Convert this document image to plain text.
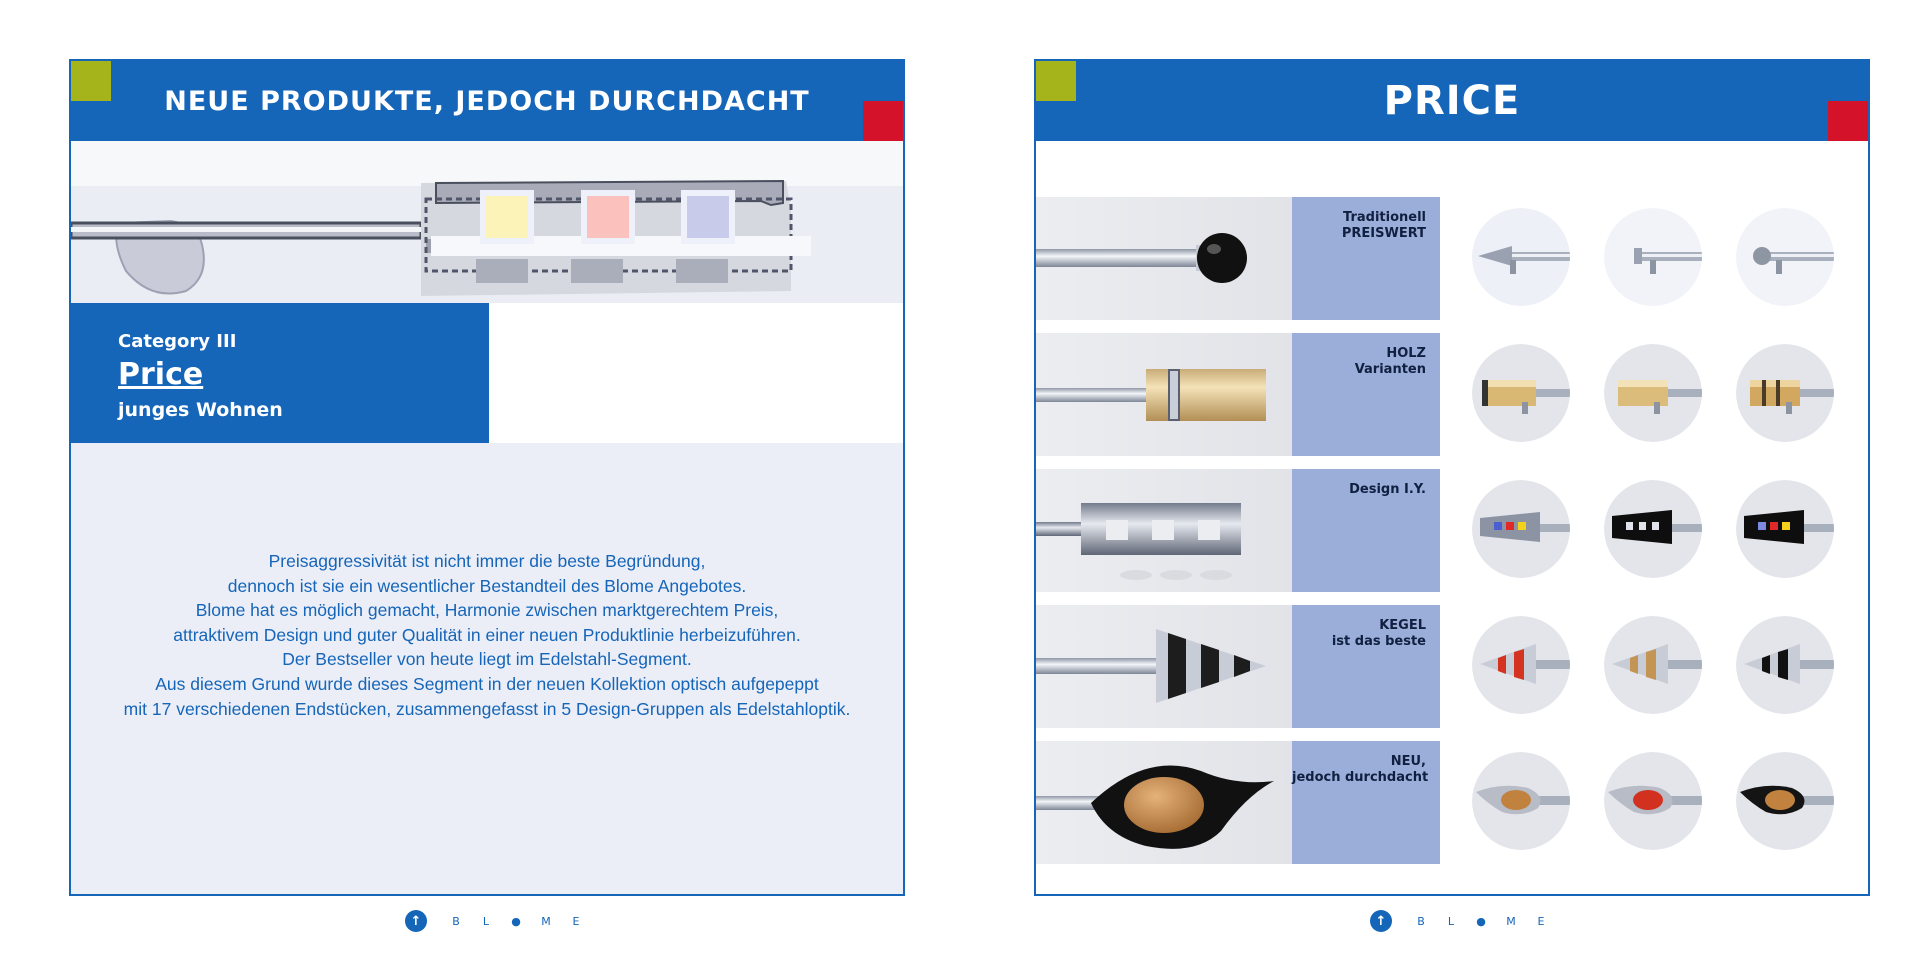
NEUE PRODUKTE, JEDOCH DURCHDACHT
Category III
Price
junges Wohnen
Preisaggressivität ist nicht immer die beste Begründung,
dennoch ist sie ein wesentlicher Bestandteil des Blome Angebotes.
Blome hat es möglich gemacht, Harmonie zwischen marktgerechtem Preis,
attraktivem Design und guter Qualität in einer neuen Produktlinie herbeizuführen.
Der Bestseller von heute liegt im Edelstahl-Segment.
Aus diesem Grund wurde dieses Segment in der neuen Kollektion optisch aufgepeppt
mit 17 verschiedenen Endstücken, zusammengefasst in 5 Design-Gruppen als Edelstahloptik.
PRICE
Traditionell
PREISWERT
HOLZ
Varianten
Design I.Y.
KEGEL
ist das beste
NEU,
jedoch durchdacht
↑	B	L	●	M	E	↑	B	L	●	M	E
